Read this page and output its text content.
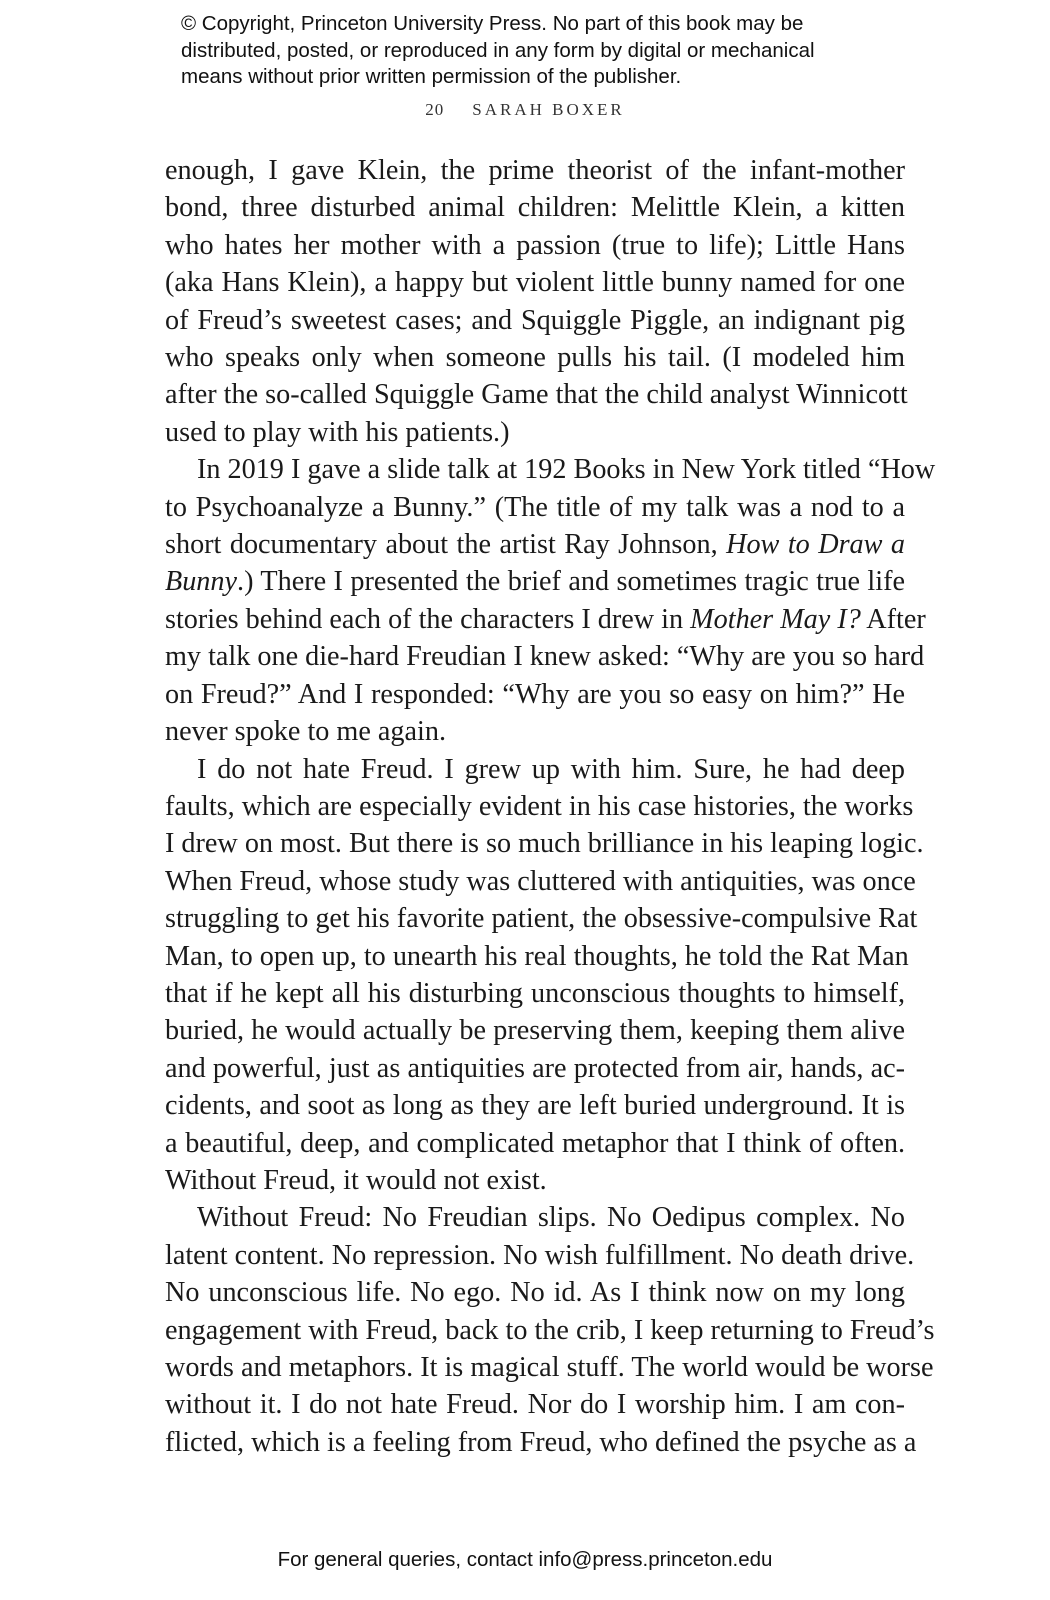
© Copyright, Princeton University Press. No part of this book may be
distributed, posted, or reproduced in any form by digital or mechanical
means without prior written permission of the publisher.
20 SARAH BOXER
enough, I gave Klein, the prime theorist of the infant-mother
bond, three disturbed animal children: Melittle Klein, a kitten
who hates her mother with a passion (true to life); Little Hans
(aka Hans Klein), a happy but violent little bunny named for one
of Freud’s sweetest cases; and Squiggle Piggle, an indignant pig
who speaks only when someone pulls his tail. (I modeled him
after the so-called Squiggle Game that the child analyst Winnicott
used to play with his patients.)
In 2019 I gave a slide talk at 192 Books in New York titled “How
to Psychoanalyze a Bunny.” (The title of my talk was a nod to a
short documentary about the artist Ray Johnson, How to Draw a
Bunny.) There I presented the brief and sometimes tragic true life
stories behind each of the characters I drew in Mother May I? After
my talk one die-hard Freudian I knew asked: “Why are you so hard
on Freud?” And I responded: “Why are you so easy on him?” He
never spoke to me again.
I do not hate Freud. I grew up with him. Sure, he had deep
faults, which are especially evident in his case histories, the works
I drew on most. But there is so much brilliance in his leaping logic.
When Freud, whose study was cluttered with antiquities, was once
struggling to get his favorite patient, the obsessive-compulsive Rat
Man, to open up, to unearth his real thoughts, he told the Rat Man
that if he kept all his disturbing unconscious thoughts to himself,
buried, he would actually be preserving them, keeping them alive
and powerful, just as antiquities are protected from air, hands, ac-
cidents, and soot as long as they are left buried underground. It is
a beautiful, deep, and complicated metaphor that I think of often.
Without Freud, it would not exist.
Without Freud: No Freudian slips. No Oedipus complex. No
latent content. No repression. No wish fulfillment. No death drive.
No unconscious life. No ego. No id. As I think now on my long
engagement with Freud, back to the crib, I keep returning to Freud’s
words and metaphors. It is magical stuff. The world would be worse
without it. I do not hate Freud. Nor do I worship him. I am con-
flicted, which is a feeling from Freud, who defined the psyche as a
For general queries, contact info@press.princeton.edu
